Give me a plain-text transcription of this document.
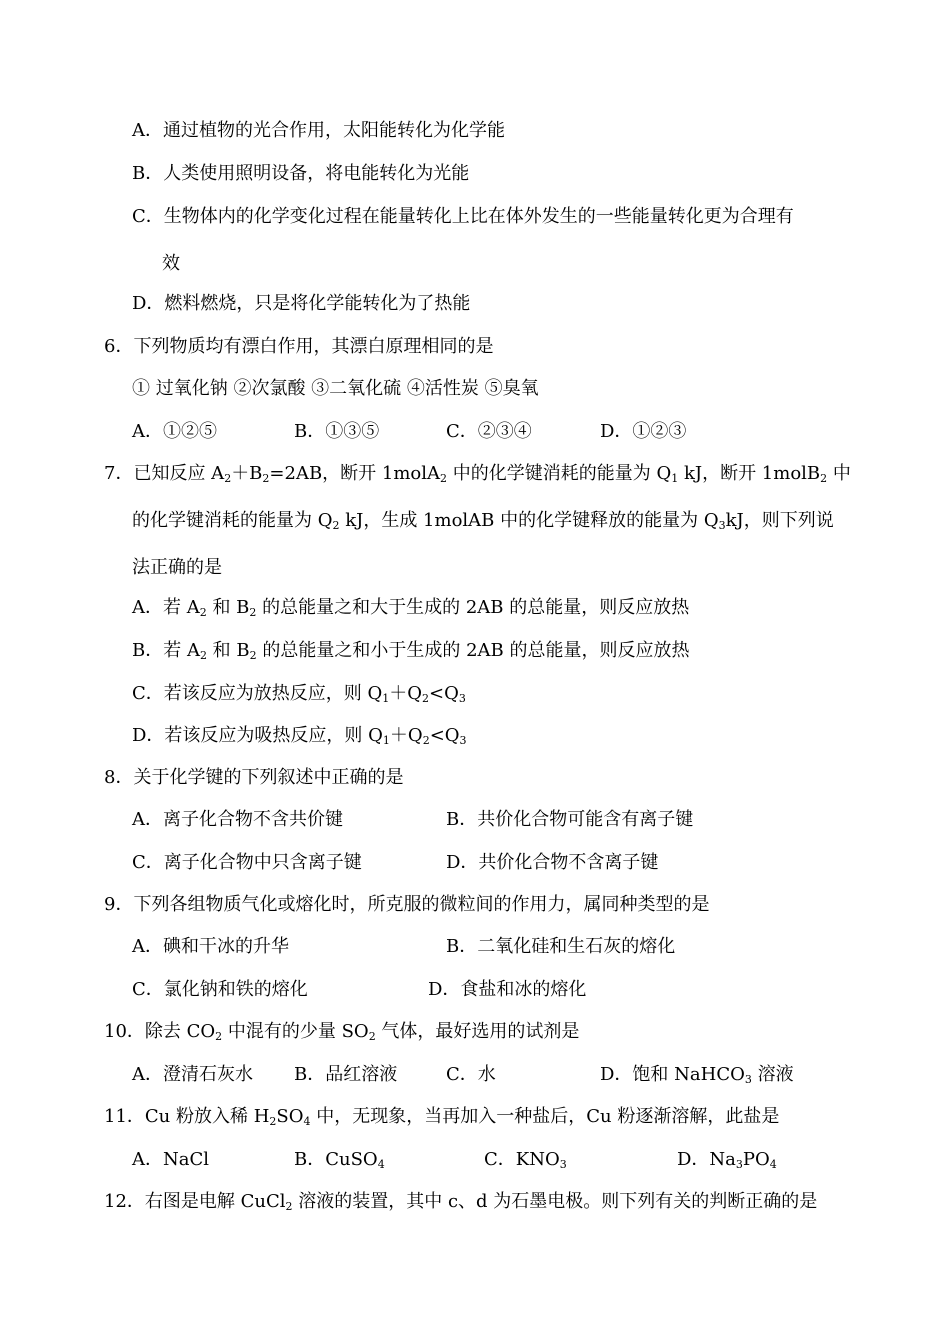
A．通过植物的光合作用，太阳能转化为化学能
B．人类使用照明设备，将电能转化为光能
C．生物体内的化学变化过程在能量转化上比在体外发生的一些能量转化更为合理有
效
D．燃料燃烧，只是将化学能转化为了热能
6．下列物质均有漂白作用，其漂白原理相同的是
① 过氧化钠 ②次氯酸 ③二氧化硫 ④活性炭 ⑤臭氧
A．①②⑤	B．①③⑤	C．②③④	D．①②③
7．已知反应 $A_2+B_2=2AB$，断开 1molA$_2$ 中的化学键消耗的能量为 $Q_1$ kJ，断开 1molB$_2$ 中
的化学键消耗的能量为 $Q_2$ kJ，生成 1molAB 中的化学键释放的能量为 $Q_3kJ$，则下列说
法正确的是
A．若 $A_2$ 和 $B_2$ 的总能量之和大于生成的 2AB 的总能量，则反应放热
B．若 $A_2$ 和 $B_2$ 的总能量之和小于生成的 2AB 的总能量，则反应放热
C．若该反应为放热反应，则 $Q_1+Q_2<Q_3$
D．若该反应为吸热反应，则 $Q_1+Q_2<Q_3$
8．关于化学键的下列叙述中正确的是
A．离子化合物不含共价键	B．共价化合物可能含有离子键
C．离子化合物中只含离子键	D．共价化合物不含离子键
9．下列各组物质气化或熔化时，所克服的微粒间的作用力，属同种类型的是
A．碘和干冰的升华	B．二氧化硅和生石灰的熔化
C．氯化钠和铁的熔化	D．食盐和冰的熔化
10．除去 $CO_2$ 中混有的少量 $SO_2$ 气体，最好选用的试剂是
A．澄清石灰水 B．品红溶液	C．水	D．饱和 NaHCO$_3$ 溶液
11．Cu 粉放入稀 $H_2SO_4$ 中，无现象，当再加入一种盐后，Cu 粉逐渐溶解，此盐是
A．NaCl	B．CuSO$_4$	C．$KNO_3$	D．$Na_3PO_4$
12．右图是电解 CuCl$_2$ 溶液的装置，其中 c、d 为石墨电极。则下列有关的判断正确的是
